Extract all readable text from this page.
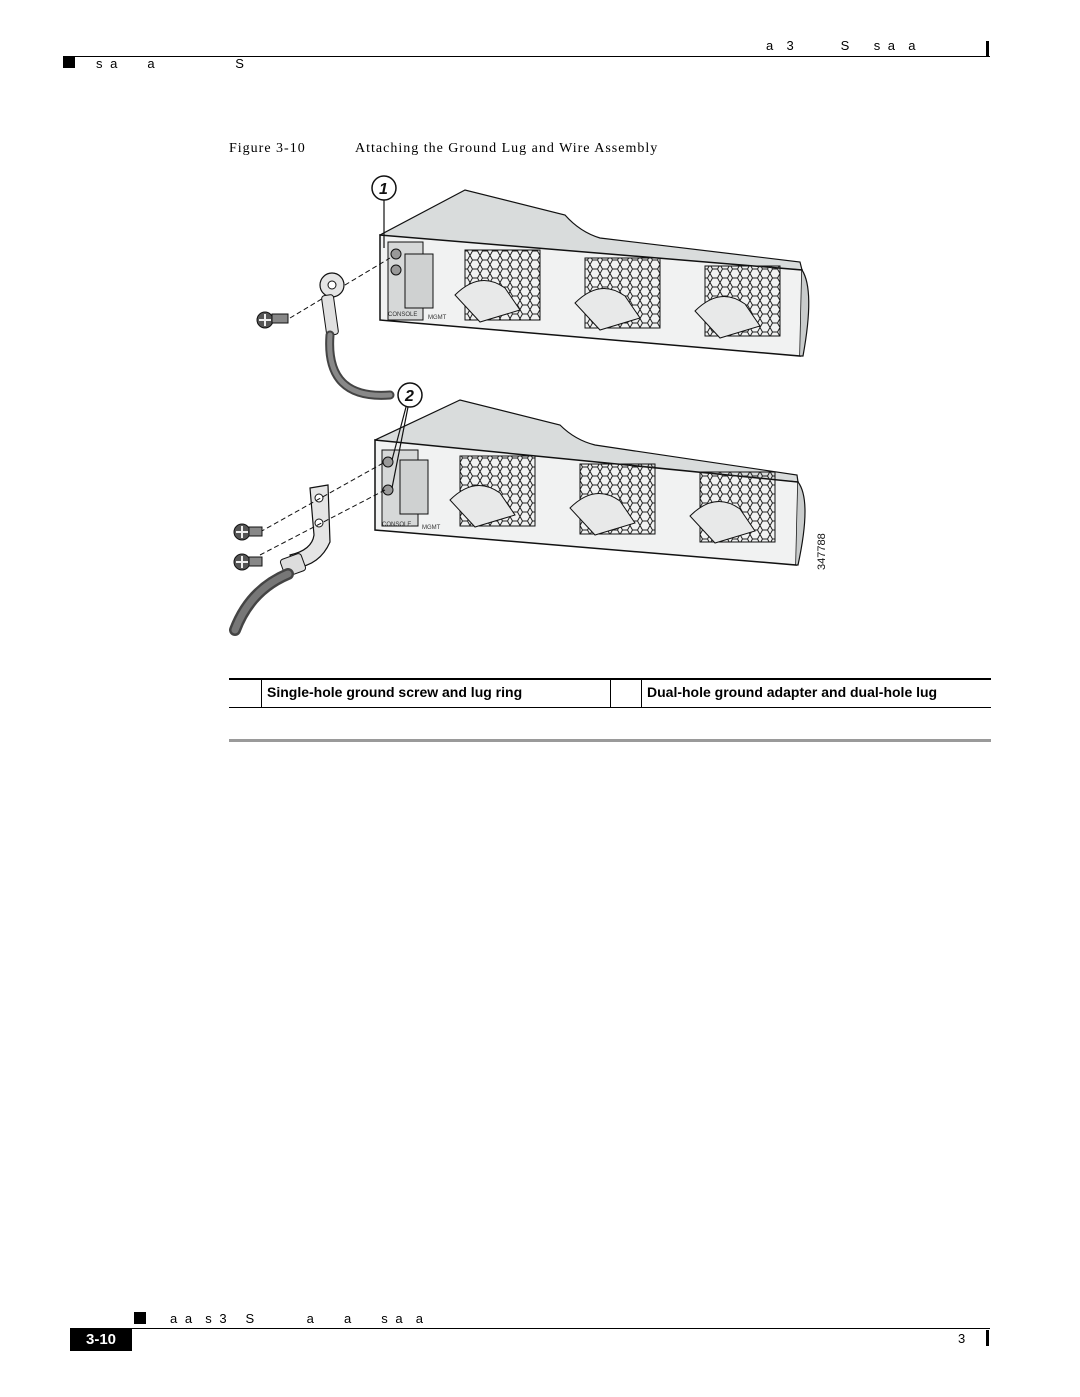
a  3        S    s a  a
s a     a              S
Figure 3-10	Attaching the Ground Lug and Wire Assembly
CONSOLE MGMT
1
CONSOLE MGMT
2
347788
Single-hole ground screw and lug ring	Dual-hole ground adapter and dual-hole lug
a a  s 3   S         a     a     s a  a
3-10	3
